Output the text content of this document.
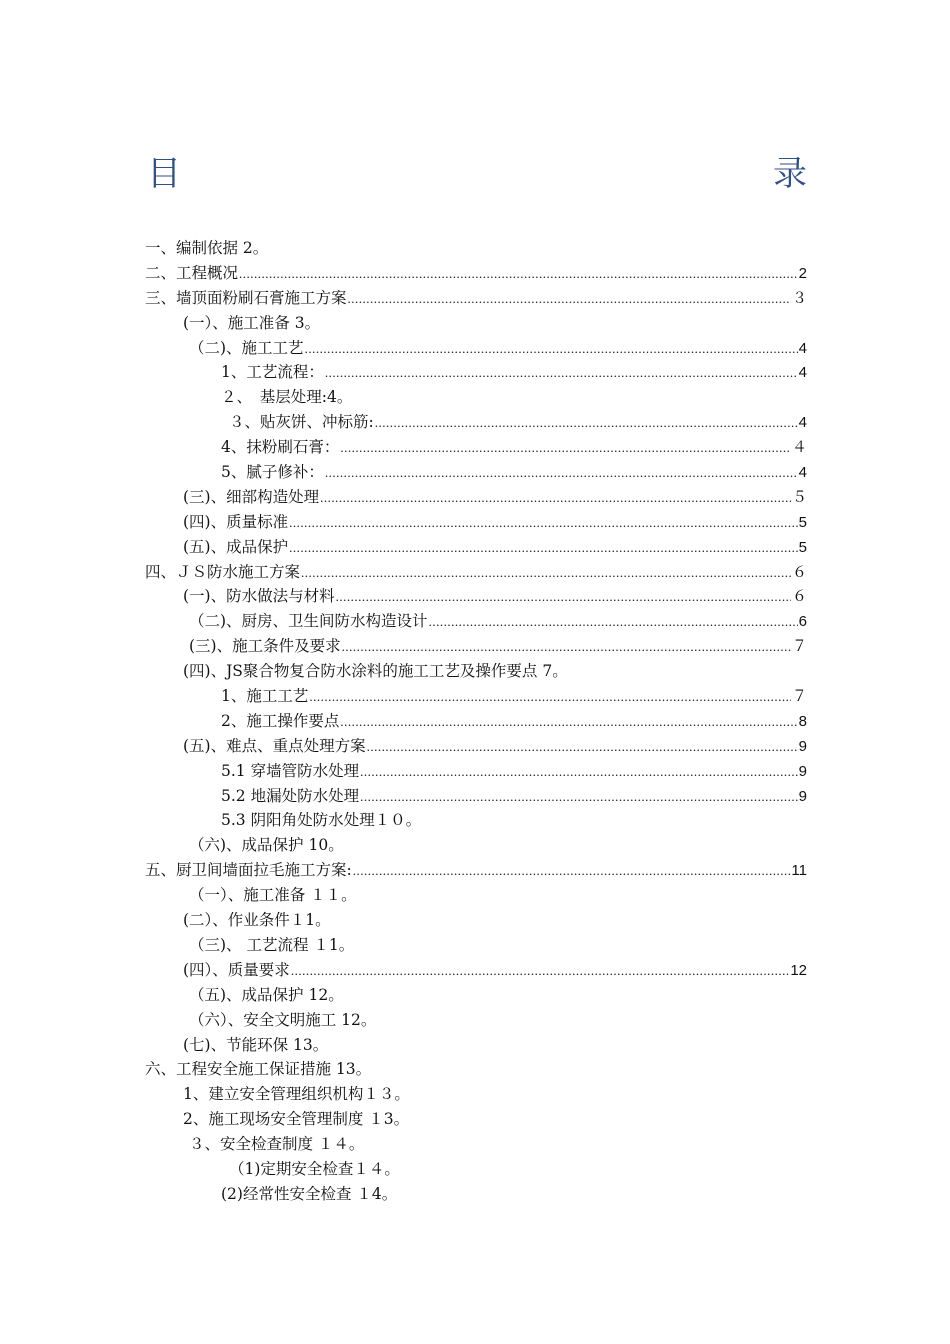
目	录
一、编制依据 2。
二、工程概况 .....	2
三、墙顶面粉刷石膏施工方案 .....	３
(一）、施工准备 3。
（二)、施工工艺 .....	4
1、工艺流程： .....	4
２、　基层处理:4。
３、贴灰饼、冲标筋: .....	4
4、抹粉刷石膏： .....	４
5、腻子修补： .....	4
(三)、细部构造处理 .....	５
(四)、质量标准 .....	5
(五)、成品保护 .....	5
四、ＪＳ防水施工方案 .....	６
(一)、防水做法与材料 .....	６
（二)、厨房、卫生间防水构造设计 .....	6
(三)、施工条件及要求 .....	７
(四)、JS聚合物复合防水涂料的施工工艺及操作要点 7。
1、施工工艺 .....	７
2、施工操作要点 .....	8
(五)、难点、重点处理方案 .....	9
5.1 穿墙管防水处理 .....	9
5.2 地漏处防水处理 .....	9
5.3 阴阳角处防水处理１０。
（六)、成品保护 10。
五、厨卫间墙面拉毛施工方案: .....	11
（一）、施工准备 １１。
(二）、作业条件１1。
（三)、 工艺流程 １1。
(四）、质量要求 .....	12
（五)、成品保护 12。
（六）、安全文明施工 12。
(七)、节能环保 13。
六、工程安全施工保证措施 13。
1、建立安全管理组织机构１３。
2、施工现场安全管理制度 １3。
３、安全检查制度 １４。
（1)定期安全检查１４。
(2)经常性安全检查 １4。
